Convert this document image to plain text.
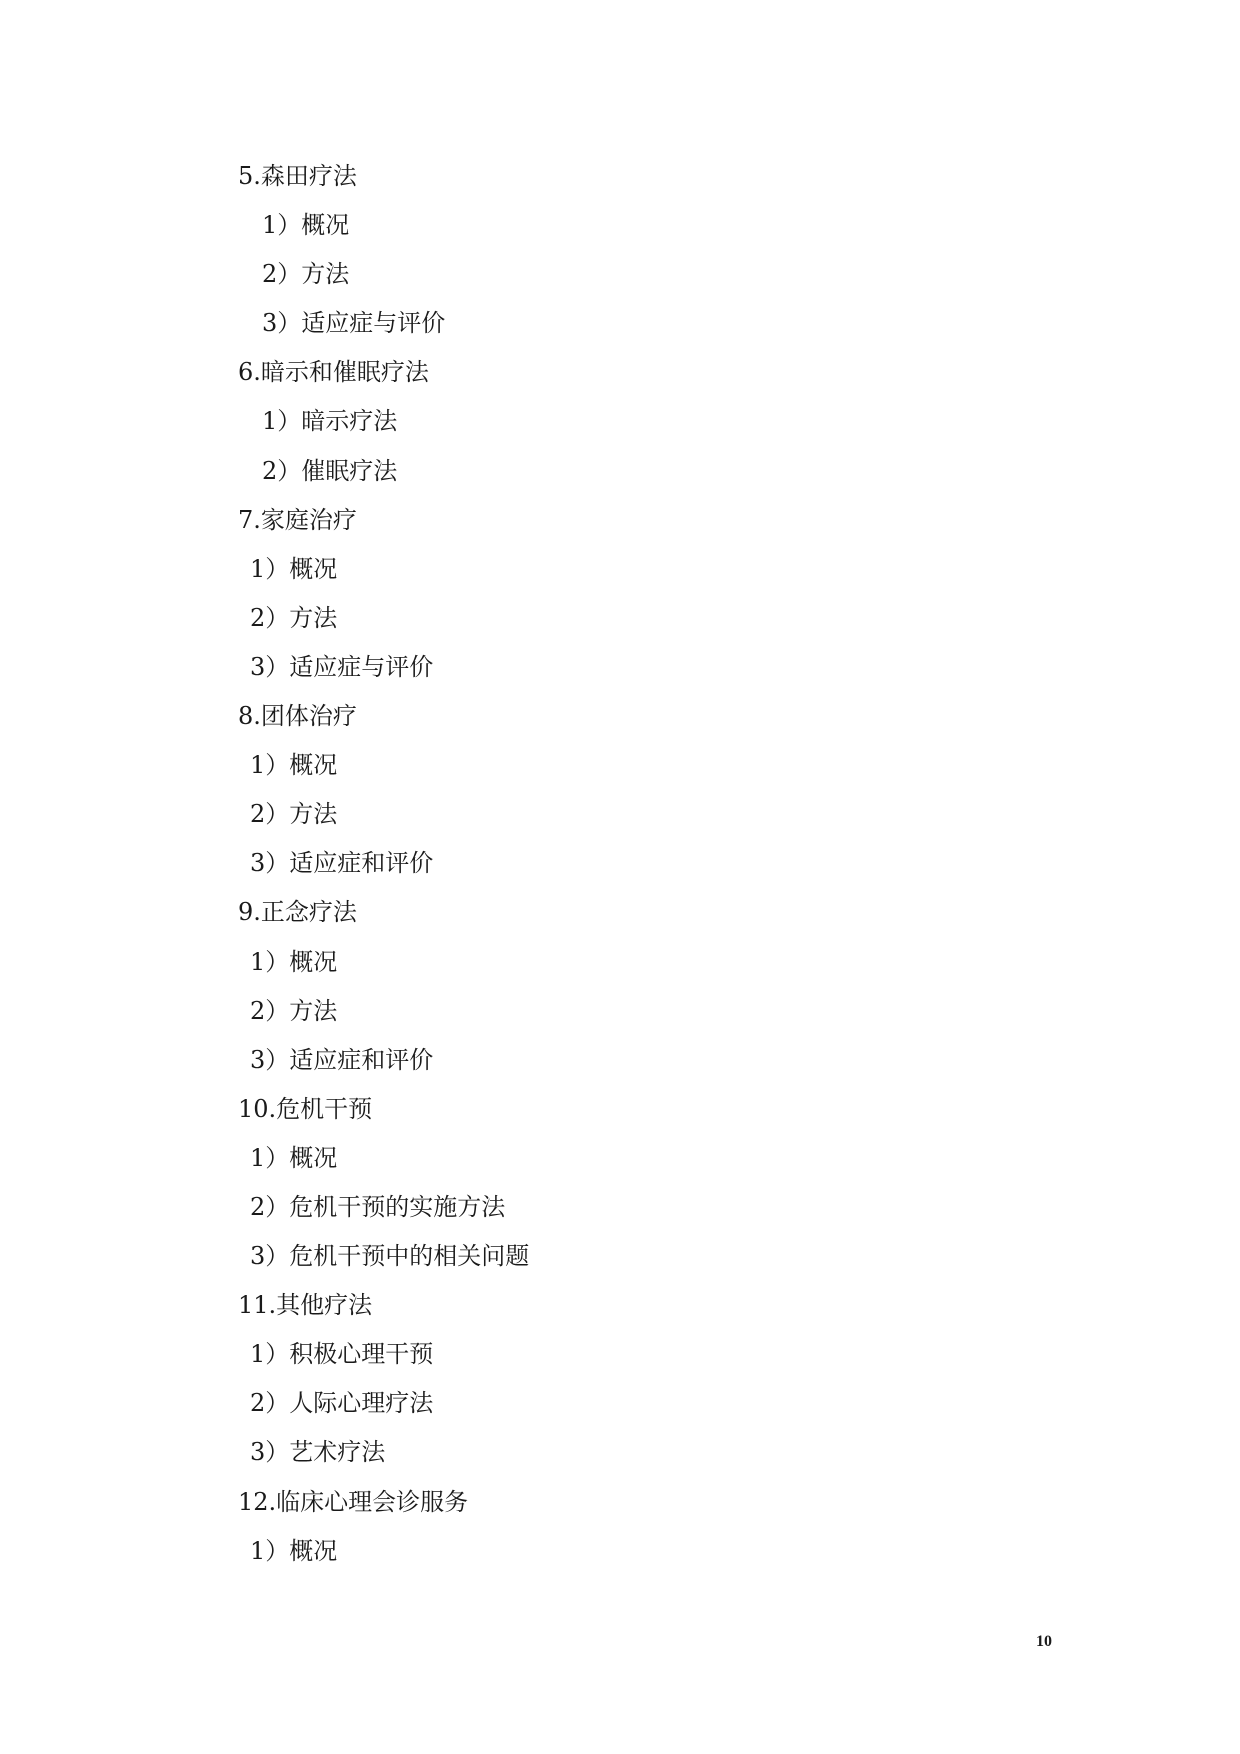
5.森田疗法
1）概况
2）方法
3）适应症与评价
6.暗示和催眠疗法
1）暗示疗法
2）催眠疗法
7.家庭治疗
1）概况
2）方法
3）适应症与评价
8.团体治疗
1）概况
2）方法
3）适应症和评价
9.正念疗法
1）概况
2）方法
3）适应症和评价
10.危机干预
1）概况
2）危机干预的实施方法
3）危机干预中的相关问题
11.其他疗法
1）积极心理干预
2）人际心理疗法
3）艺术疗法
12.临床心理会诊服务
1）概况
10
